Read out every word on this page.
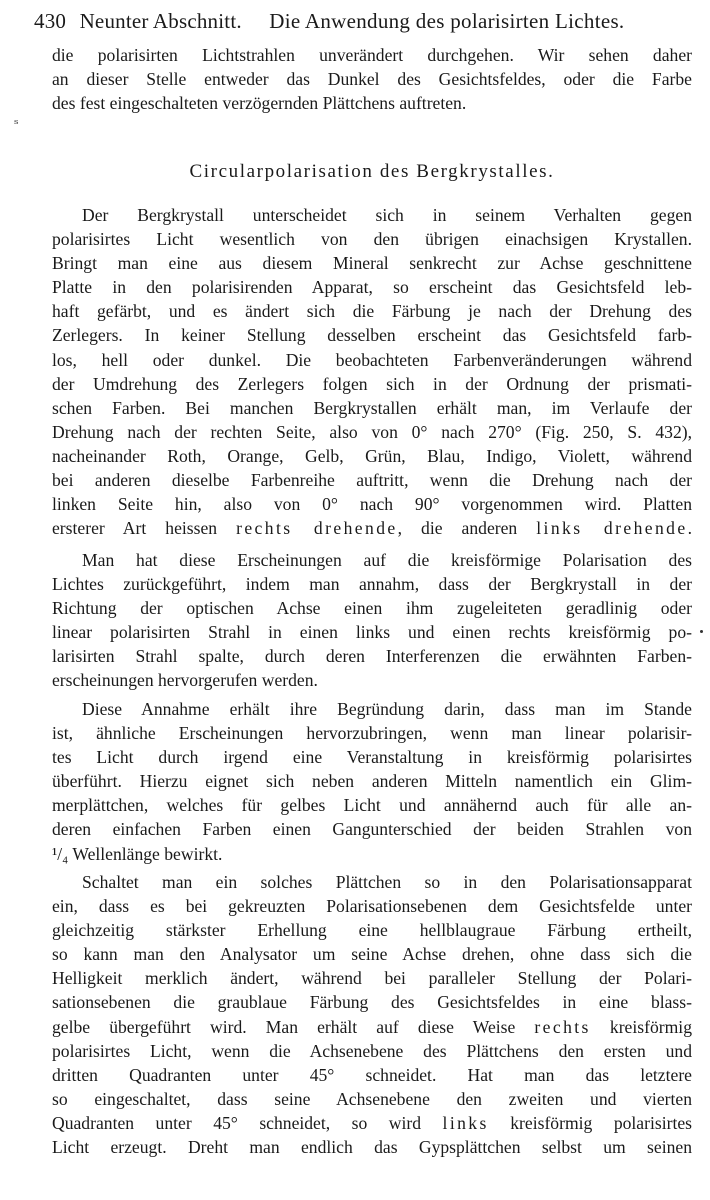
430 Neunter Abschnitt. Die Anwendung des polarisirten Lichtes.
ₛ
die polarisirten Lichtstrahlen unverändert durchgehen. Wir sehen daher
an dieser Stelle entweder das Dunkel des Gesichtsfeldes, oder die Farbe
des fest eingeschalteten verzögernden Plättchens auftreten.
Circularpolarisation des Bergkrystalles.
Der Bergkrystall unterscheidet sich in seinem Verhalten gegen
polarisirtes Licht wesentlich von den übrigen einachsigen Krystallen.
Bringt man eine aus diesem Mineral senkrecht zur Achse geschnittene
Platte in den polarisirenden Apparat, so erscheint das Gesichtsfeld leb-
haft gefärbt, und es ändert sich die Färbung je nach der Drehung des
Zerlegers. In keiner Stellung desselben erscheint das Gesichtsfeld farb-
los, hell oder dunkel. Die beobachteten Farbenveränderungen während
der Umdrehung des Zerlegers folgen sich in der Ordnung der prismati-
schen Farben. Bei manchen Bergkrystallen erhält man, im Verlaufe der
Drehung nach der rechten Seite, also von 0° nach 270° (Fig. 250, S. 432),
nacheinander Roth, Orange, Gelb, Grün, Blau, Indigo, Violett, während
bei anderen dieselbe Farbenreihe auftritt, wenn die Drehung nach der
linken Seite hin, also von 0° nach 90° vorgenommen wird. Platten
ersterer Art heissen rechts drehende, die anderen links drehende.
Man hat diese Erscheinungen auf die kreisförmige Polarisation des
Lichtes zurückgeführt, indem man annahm, dass der Bergkrystall in der
Richtung der optischen Achse einen ihm zugeleiteten geradlinig oder
linear polarisirten Strahl in einen links und einen rechts kreisförmig po-
larisirten Strahl spalte, durch deren Interferenzen die erwähnten Farben-
erscheinungen hervorgerufen werden.
Diese Annahme erhält ihre Begründung darin, dass man im Stande
ist, ähnliche Erscheinungen hervorzubringen, wenn man linear polarisir-
tes Licht durch irgend eine Veranstaltung in kreisförmig polarisirtes
überführt. Hierzu eignet sich neben anderen Mitteln namentlich ein Glim-
merplättchen, welches für gelbes Licht und annähernd auch für alle an-
deren einfachen Farben einen Gangunterschied der beiden Strahlen von
¹/₄ Wellenlänge bewirkt.
Schaltet man ein solches Plättchen so in den Polarisationsapparat
ein, dass es bei gekreuzten Polarisationsebenen dem Gesichtsfelde unter
gleichzeitig stärkster Erhellung eine hellblaugraue Färbung ertheilt,
so kann man den Analysator um seine Achse drehen, ohne dass sich die
Helligkeit merklich ändert, während bei paralleler Stellung der Polari-
sationsebenen die graublaue Färbung des Gesichtsfeldes in eine blass-
gelbe übergeführt wird. Man erhält auf diese Weise rechts kreisförmig
polarisirtes Licht, wenn die Achsenebene des Plättchens den ersten und
dritten Quadranten unter 45° schneidet. Hat man das letztere
so eingeschaltet, dass seine Achsenebene den zweiten und vierten
Quadranten unter 45° schneidet, so wird links kreisförmig polarisirtes
Licht erzeugt. Dreht man endlich das Gypsplättchen selbst um seinen
